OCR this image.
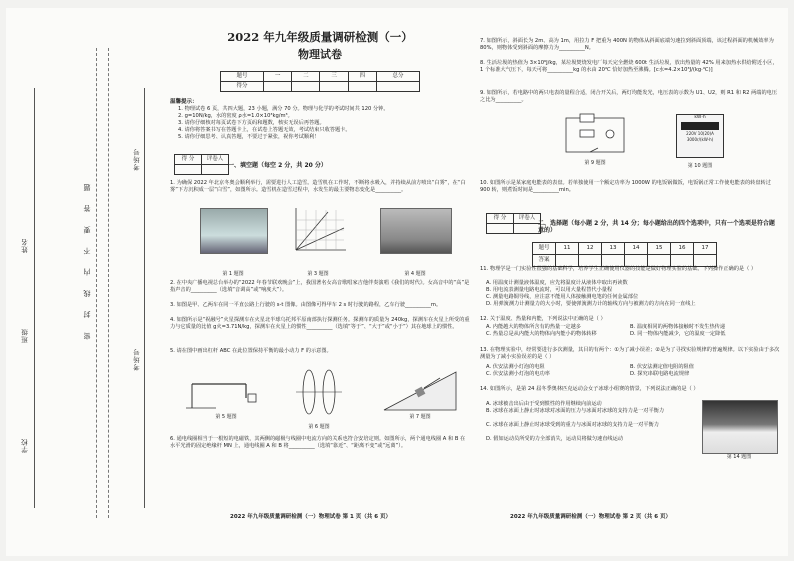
学校
班级
姓名
考场号
考场号
密 封 线 内 不 要 答 题
2022 年九年级质量调研检测（一）
物理试卷
题号	一	二	三	四	总分
得分					
温馨提示：
1. 物理试卷 6 页，共四大题，23 小题，满分 70 分。物理与化学的考试时间共 120 分钟。
2. g=10N/kg，水的密度 ρ水=1.0×10³kg/m³。
3. 请你仔细核对每页试卷下方页码和题数，核实无误后再答题。
4. 请你将答案书写在答题卡上，在试卷上答题无效，考试结束只收答题卡。
5. 请你仔细思考、认真答题，不要过于紧张，祝你考试顺利！
得 分	评卷人

一、填空题（每空 2 分，共 20 分）
1. 为确保 2022 年北京冬奥会顺利举行，需要进行人工造雪。造雪机在工作时，不断将水吸入，并持续从前方喷出“白雾”，在“白雾”下方沉积成一层“白雪”，如图所示。造雪机在造雪过程中，水发生的最主要物态变化是__________。
第 1 题图	第 3 题图	第 4 题图
2. 在中央广播电视总台举办的“2022 年春节联欢晚会”上，我国著名女高音歌唱家吉他伴奏演唱《我们的时代》。女高音中的“高”是指声音的__________（选填“音调高”或“响度大”）。
3. 如图是甲、乙两车在同一平直公路上行驶的 s-t 图像。由图像可得甲车 2 s 时行驶的路程，乙车行驶__________m。
4. 如图所示是“祝融号”火星探测车在火星北半球乌托邦平原南部执行探测任务。探测车的质量为 240kg，探测车在火星上所受的重力与它质量的比值 g火=3.71N/kg，探测车在火星上的惯性__________（选填“等于”、“大于”或“小于”）其在地球上的惯性。
5. 请在图中画出杠杆 ABC 在此位置保持平衡的最小动力 F 的示意图。
第 5 题图
第 6 题图
第 7 题图
6. 通电线圈相当于一根短的电磁铁，其两侧的磁极与线圈中电流方向的关系也符合安培定则。如图所示，两个通电线圈 A 和 B 在水平光滑的固定绝缘杆 MN 上，通电线圈 A 和 B 将__________（选填“靠近”、“距离不变”或“远离”）。
2022 年九年级质量调研检测（一）物理试卷 第 1 页（共 6 页）
7. 如图所示，斜面长为 2m、高为 1m，用拉力 F 把重为 400N 的物体从斜面底端匀速拉到斜面顶端，该过程斜面的机械效率为 80%，则物体受到斜面的摩擦力为__________N。
8. 生活垃圾的热值为 3×10⁶J/kg，某垃圾焚烧发电厂每天完全燃烧 600t 生活垃圾，放出热量的 42% 用来加热水供给附近小区，1 个标准大气压下，每天可将__________kg 的水由 20℃ 恰好加热至沸腾。[c水=4.2×10³J/(kg·℃)]
9. 如图所示，若电路中的两只电表的量程合适，闭合开关后，两灯均能发光，电压表的示数为 U1、U2，则 R1 和 R2 两端的电压之比为__________。
kW·h
220V 10(20)A
3000r/(kW·h)
第 9 题图	第 10 题图
10. 如图所示是某家庭电能表的表盘。若单独使用一个额定功率为 1000W 的电饭锅做饭，电饭锅正常工作使电能表的转盘转过 900 转，则煮饭时间是__________min。
得 分	评卷人

二、选择题（每小题 2 分，共 14 分；每小题给出的四个选项中，只有一个选项是符合题意的）
题号	11	12	13	14	15	16	17
答案							
11. 物理学是一门实验性很强的基础科学，培养学生正确使用仪器的技能是做好物理实验的基础。下列操作正确的是（ ）
A. 用温度计测量液体温度，应先将温度计从液体中取出再读数
B. 用电流表测量电路电流时，可以用大量程替代小量程
C. 测量电路铜导线，应注意不能用人体接触测电笔的任何金属部位
D. 用弹簧测力计测量力的大小时，要使弹簧测力计的轴线方向与被测力的方向在同一直线上
12. 关于温度、热量和内能，下列说法中正确的是（ ）
A. 内能越大的物体所含有的热量一定越多	B. 温度相同的两物体接触时不发生热传递
C. 热量总是从内能大的物体向内能小的物体转移	D. 同一物体内能减少，它的温度一定降低
13. 在物理实验中，经常要进行多次测量，其目的有两个：①为了减小误差；②是为了寻找实验规律的普遍规律。以下实验由于多次测量为了减小实验误差的是（ ）
A. 伏安法测小灯泡的电阻	B. 伏安法测定值电阻的阻值
C. 伏安法测小灯泡的电功率	D. 探究串联电路电流规律
14. 如图所示，是第 24 届冬季奥林匹克运动会女子冰球小组赛的情景，下列说法正确的是（ ）
A. 冰球被击出后由于受到惯性的作用继续向前运动
B. 冰球在冰面上静止时冰球对冰面的压力与冰面对冰球的支持力是一对平衡力
C. 冰球在冰面上静止时冰球受到的重力与冰面对冰球的支持力是一对平衡力
D. 假如运动员所受的力全部消失，运动员将做匀速直线运动
第 14 题图
2022 年九年级质量调研检测（一）物理试卷 第 2 页（共 6 页）
